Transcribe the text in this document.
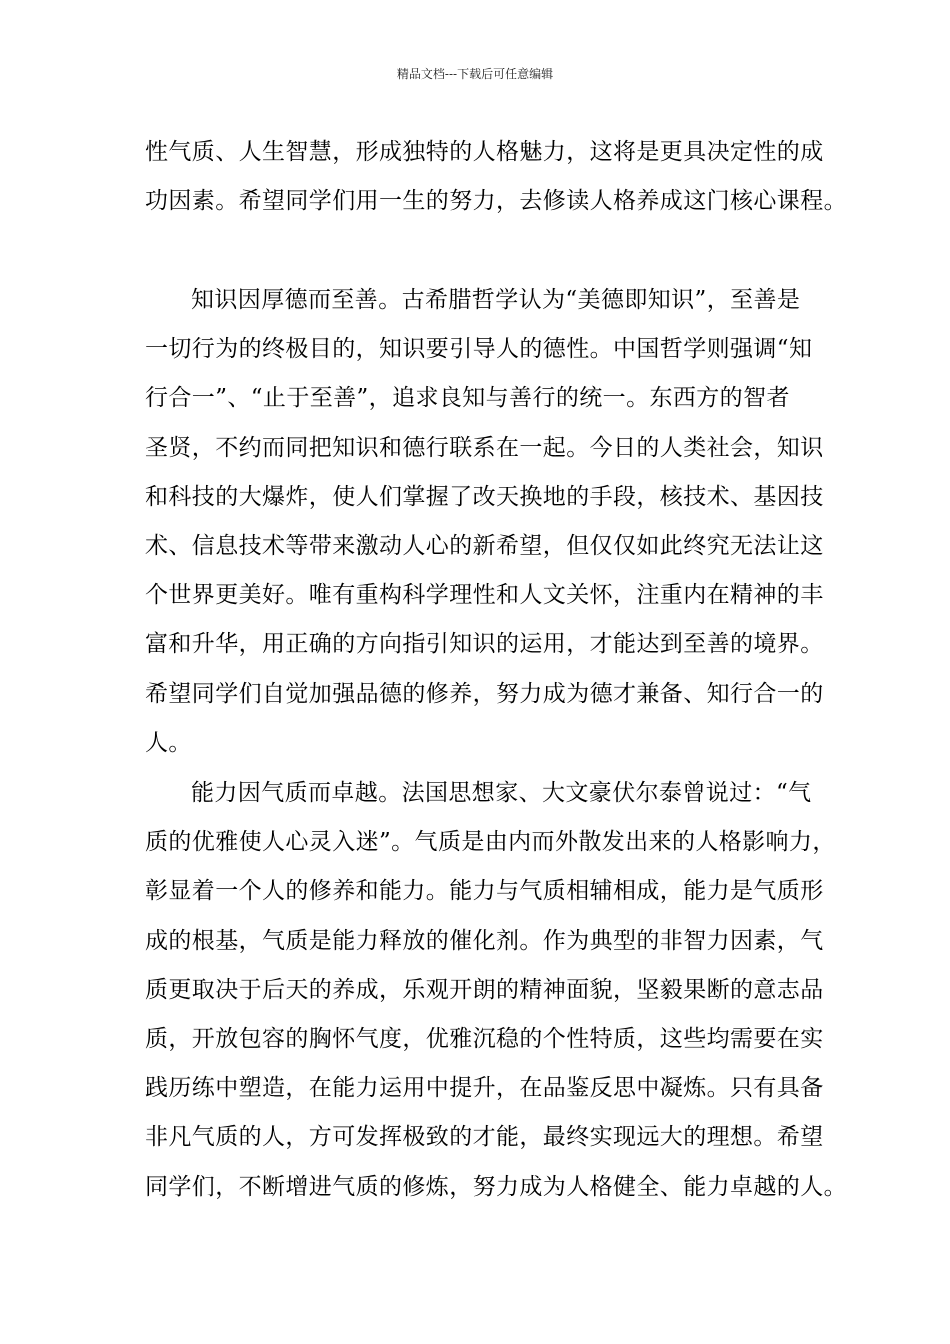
精品文档---下载后可任意编辑
性气质、人生智慧，形成独特的人格魅力，这将是更具决定性的成
功因素。希望同学们用一生的努力，去修读人格养成这门核心课程。
知识因厚德而至善。古希腊哲学认为“美德即知识”，至善是
一切行为的终极目的，知识要引导人的德性。中国哲学则强调“知
行合一”、“止于至善”，追求良知与善行的统一。东西方的智者
圣贤，不约而同把知识和德行联系在一起。今日的人类社会，知识
和科技的大爆炸，使人们掌握了改天换地的手段，核技术、基因技
术、信息技术等带来激动人心的新希望，但仅仅如此终究无法让这
个世界更美好。唯有重构科学理性和人文关怀，注重内在精神的丰
富和升华，用正确的方向指引知识的运用，才能达到至善的境界。
希望同学们自觉加强品德的修养，努力成为德才兼备、知行合一的
人。
能力因气质而卓越。法国思想家、大文豪伏尔泰曾说过：“气
质的优雅使人心灵入迷”。气质是由内而外散发出来的人格影响力，
彰显着一个人的修养和能力。能力与气质相辅相成，能力是气质形
成的根基，气质是能力释放的催化剂。作为典型的非智力因素，气
质更取决于后天的养成，乐观开朗的精神面貌，坚毅果断的意志品
质，开放包容的胸怀气度，优雅沉稳的个性特质，这些均需要在实
践历练中塑造，在能力运用中提升，在品鉴反思中凝炼。只有具备
非凡气质的人，方可发挥极致的才能，最终实现远大的理想。希望
同学们，不断增进气质的修炼，努力成为人格健全、能力卓越的人。
